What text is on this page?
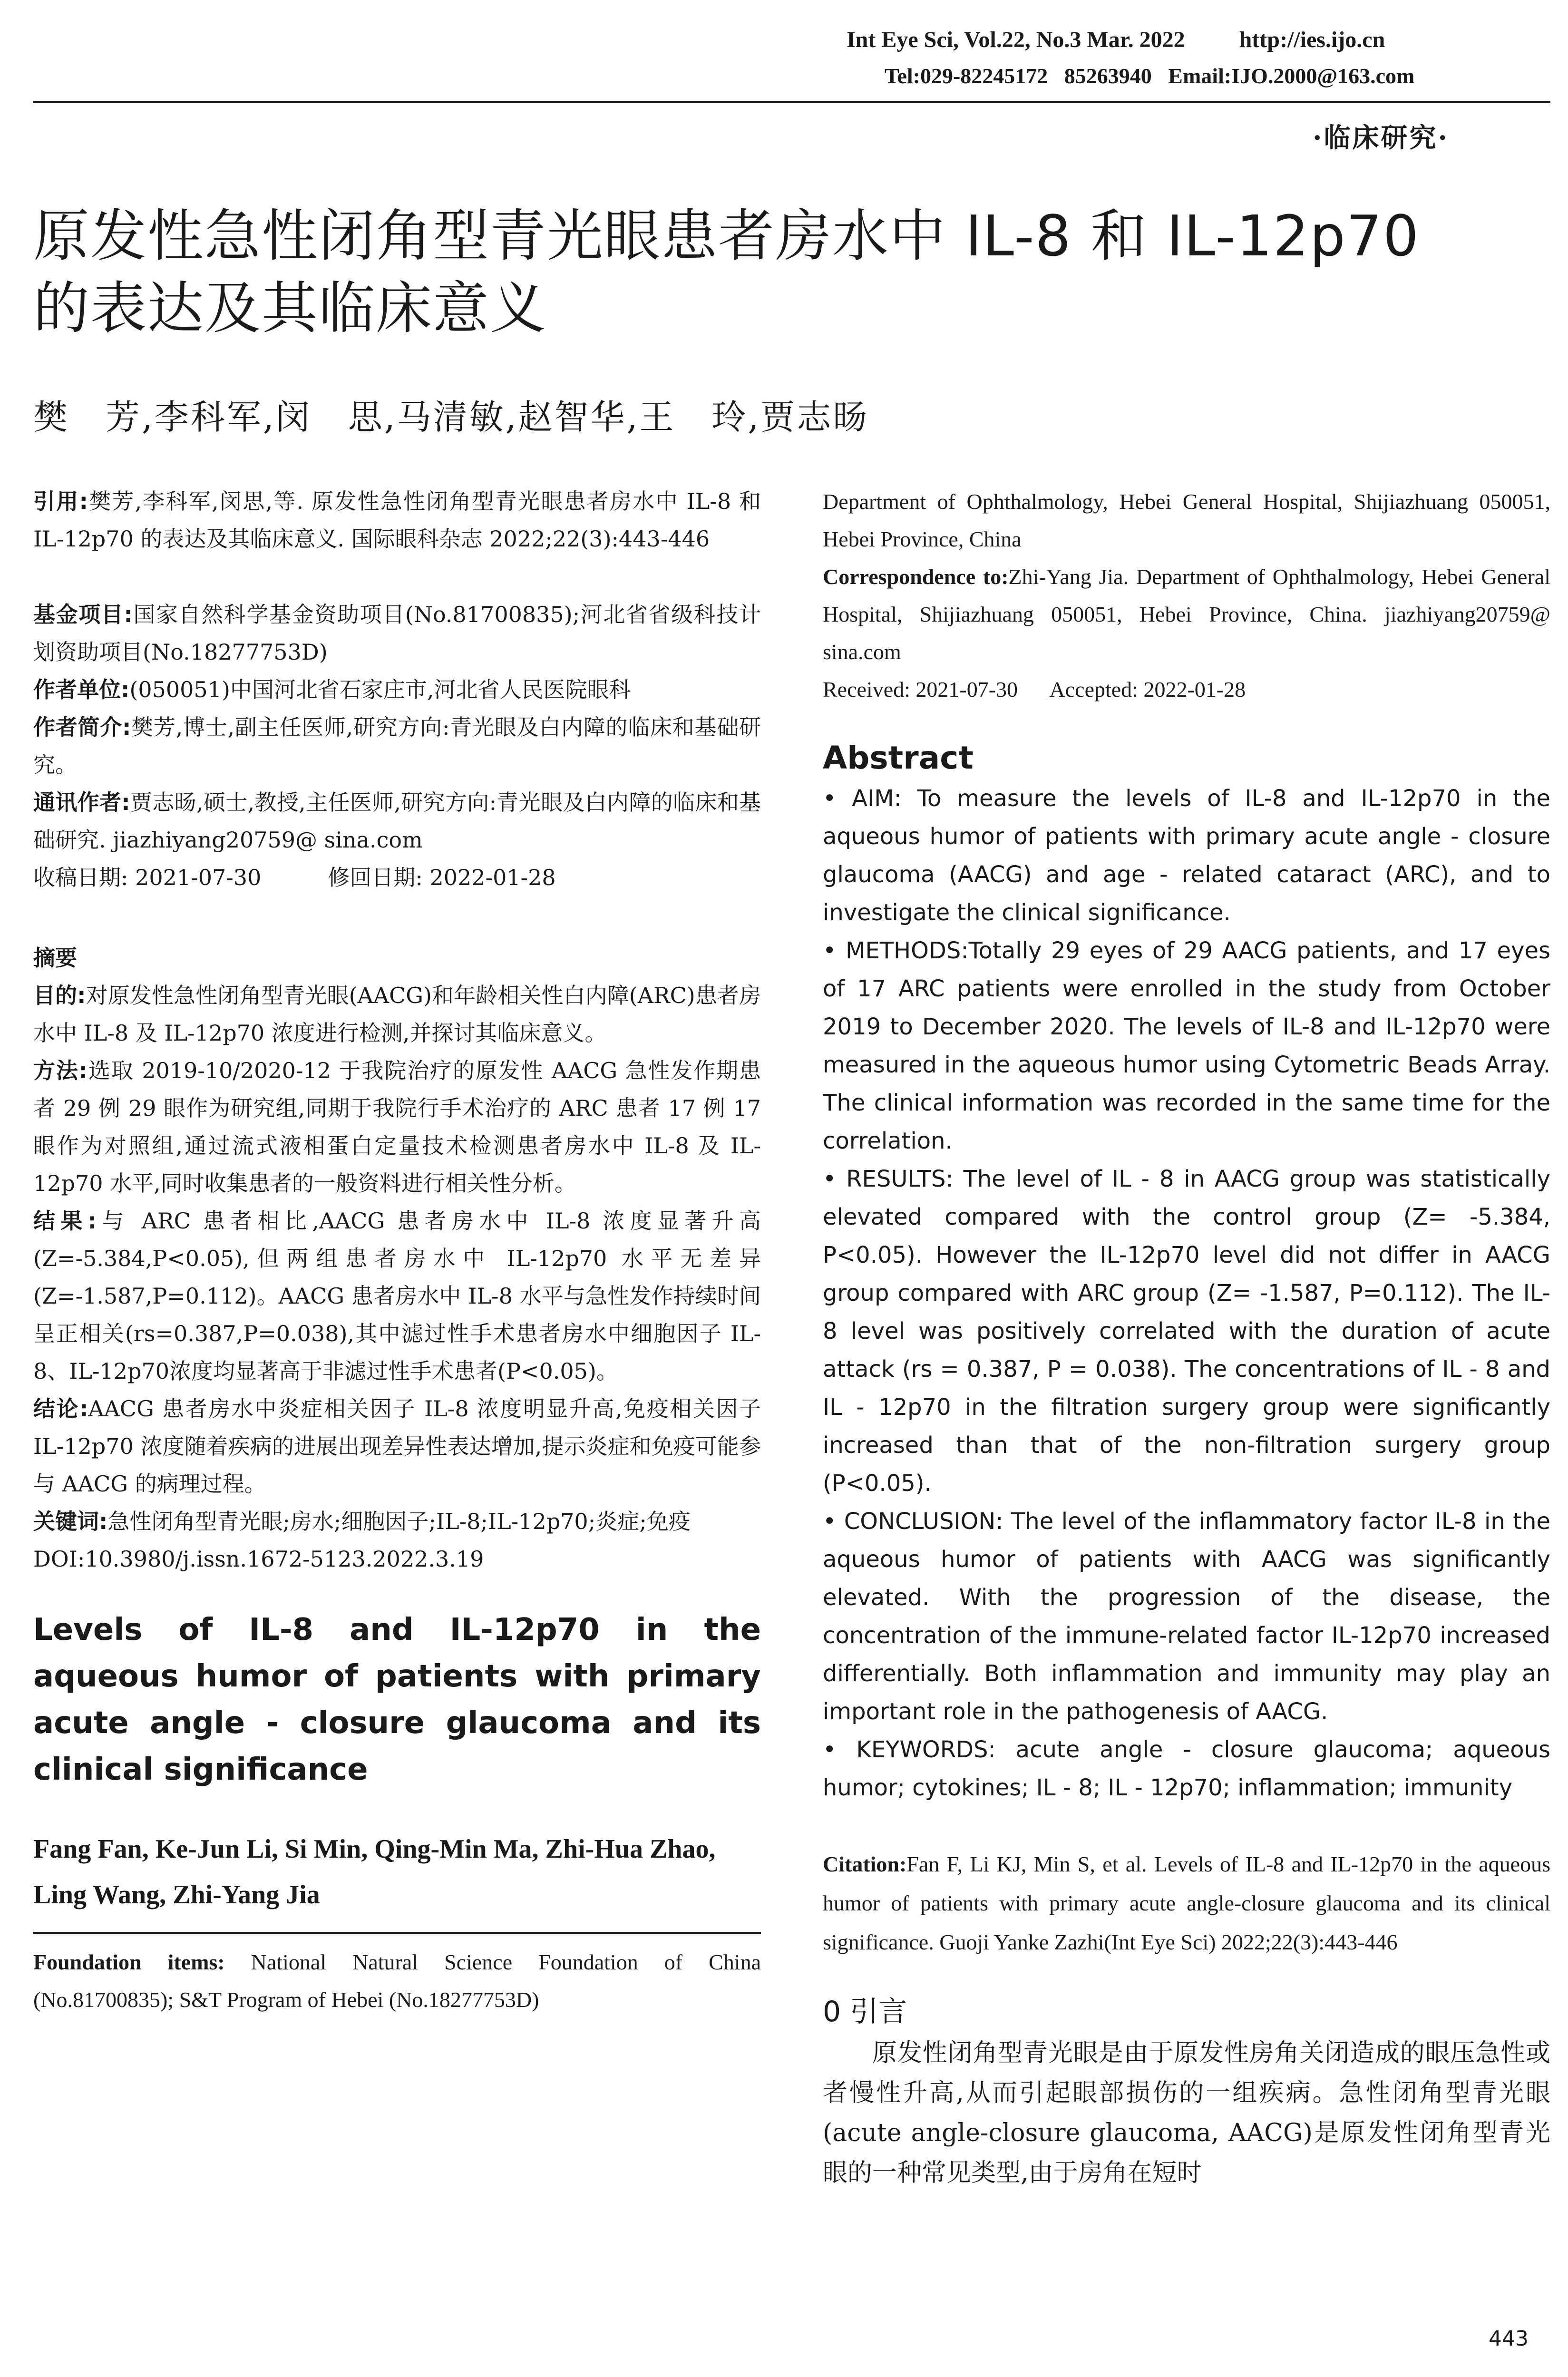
Int Eye Sci, Vol.22, No.3 Mar. 2022 http://ies.ijo.cn
Tel:029-82245172   85263940   Email:IJO.2000@163.com
·临床研究·
原发性急性闭角型青光眼患者房水中 IL-8 和 IL-12p70
的表达及其临床意义
樊　芳,李科军,闵　思,马清敏,赵智华,王　玲,贾志旸

引用:樊芳,李科军,闵思,等. 原发性急性闭角型青光眼患者房水中 IL-8 和 IL-12p70 的表达及其临床意义. 国际眼科杂志 2022;22(3):443-446

基金项目:国家自然科学基金资助项目(No.81700835);河北省省级科技计划资助项目(No.18277753D)

作者单位:(050051)中国河北省石家庄市,河北省人民医院眼科

作者简介:樊芳,博士,副主任医师,研究方向:青光眼及白内障的临床和基础研究。

通讯作者:贾志旸,硕士,教授,主任医师,研究方向:青光眼及白内障的临床和基础研究. jiazhiyang20759@ sina.com

收稿日期: 2021-07-30	修回日期: 2022-01-28

摘要

目的:对原发性急性闭角型青光眼(AACG)和年龄相关性白内障(ARC)患者房水中 IL-8 及 IL-12p70 浓度进行检测,并探讨其临床意义。

方法:选取 2019-10/2020-12 于我院治疗的原发性 AACG 急性发作期患者 29 例 29 眼作为研究组,同期于我院行手术治疗的 ARC 患者 17 例 17 眼作为对照组,通过流式液相蛋白定量技术检测患者房水中 IL-8 及 IL-12p70 水平,同时收集患者的一般资料进行相关性分析。

结果:与 ARC 患者相比,AACG 患者房水中 IL-8 浓度显著升高(Z=-5.384,P<0.05),但两组患者房水中 IL-12p70 水平无差异(Z=-1.587,P=0.112)。AACG 患者房水中 IL-8 水平与急性发作持续时间呈正相关(rs=0.387,P=0.038),其中滤过性手术患者房水中细胞因子 IL-8、IL-12p70浓度均显著高于非滤过性手术患者(P<0.05)。

结论:AACG 患者房水中炎症相关因子 IL-8 浓度明显升高,免疫相关因子 IL-12p70 浓度随着疾病的进展出现差异性表达增加,提示炎症和免疫可能参与 AACG 的病理过程。

关键词:急性闭角型青光眼;房水;细胞因子;IL-8;IL-12p70;炎症;免疫

DOI:10.3980/j.issn.1672-5123.2022.3.19

Levels of IL-8 and IL-12p70 in the aqueous humor of patients with primary acute angle - closure glaucoma and its clinical significance

Fang Fan, Ke-Jun Li, Si Min, Qing-Min Ma, Zhi-Hua Zhao, Ling Wang, Zhi-Yang Jia

Foundation items: National Natural Science Foundation of China (No.81700835); S&T Program of Hebei (No.18277753D)

Department of Ophthalmology, Hebei General Hospital, Shijiazhuang 050051, Hebei Province, China

Correspondence to:Zhi-Yang Jia. Department of Ophthalmology, Hebei General Hospital, Shijiazhuang 050051, Hebei Province, China. jiazhiyang20759@ sina.com

Received: 2021-07-30      Accepted: 2022-01-28

Abstract

• AIM: To measure the levels of IL-8 and IL-12p70 in the aqueous humor of patients with primary acute angle - closure glaucoma (AACG) and age - related cataract (ARC), and to investigate the clinical significance.

• METHODS:Totally 29 eyes of 29 AACG patients, and 17 eyes of 17 ARC patients were enrolled in the study from October 2019 to December 2020. The levels of IL-8 and IL-12p70 were measured in the aqueous humor using Cytometric Beads Array. The clinical information was recorded in the same time for the correlation.

• RESULTS: The level of IL - 8 in AACG group was statistically elevated compared with the control group (Z= -5.384, P<0.05). However the IL-12p70 level did not differ in AACG group compared with ARC group (Z= -1.587, P=0.112). The IL-8 level was positively correlated with the duration of acute attack (rs = 0.387, P = 0.038). The concentrations of IL - 8 and IL - 12p70 in the filtration surgery group were significantly increased than that of the non-filtration surgery group (P<0.05).

• CONCLUSION: The level of the inflammatory factor IL-8 in the aqueous humor of patients with AACG was significantly elevated. With the progression of the disease, the concentration of the immune-related factor IL-12p70 increased differentially. Both inflammation and immunity may play an important role in the pathogenesis of AACG.

• KEYWORDS: acute angle - closure glaucoma; aqueous humor; cytokines; IL - 8; IL - 12p70; inflammation; immunity

Citation:Fan F, Li KJ, Min S, et al. Levels of IL-8 and IL-12p70 in the aqueous humor of patients with primary acute angle-closure glaucoma and its clinical significance. Guoji Yanke Zazhi(Int Eye Sci) 2022;22(3):443-446

0 引言

原发性闭角型青光眼是由于原发性房角关闭造成的眼压急性或者慢性升高,从而引起眼部损伤的一组疾病。急性闭角型青光眼(acute angle-closure glaucoma, AACG)是原发性闭角型青光眼的一种常见类型,由于房角在短时

443
